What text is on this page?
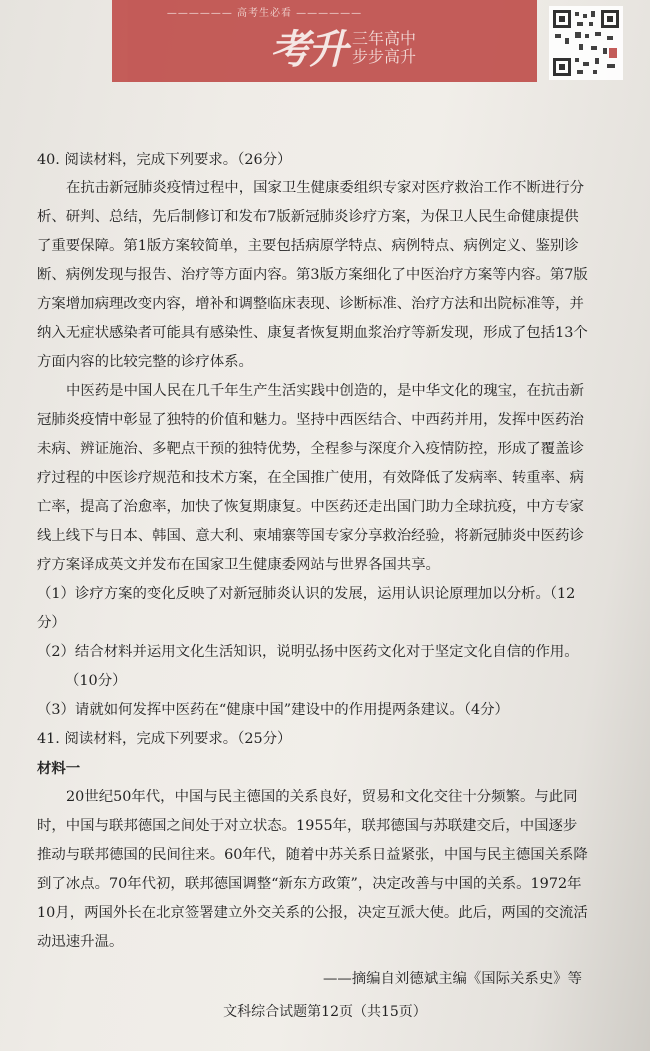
—————— 高考生必看 ——————
考升 三年高中
步步高升

40. 阅读材料，完成下列要求。（26分）

在抗击新冠肺炎疫情过程中，国家卫生健康委组织专家对医疗救治工作不断进行分析、研判、总结，先后制修订和发布7版新冠肺炎诊疗方案，为保卫人民生命健康提供了重要保障。第1版方案较简单，主要包括病原学特点、病例特点、病例定义、鉴别诊断、病例发现与报告、治疗等方面内容。第3版方案细化了中医治疗方案等内容。第7版方案增加病理改变内容，增补和调整临床表现、诊断标准、治疗方法和出院标准等，并纳入无症状感染者可能具有感染性、康复者恢复期血浆治疗等新发现，形成了包括13个方面内容的比较完整的诊疗体系。

中医药是中国人民在几千年生产生活实践中创造的，是中华文化的瑰宝，在抗击新冠肺炎疫情中彰显了独特的价值和魅力。坚持中西医结合、中西药并用，发挥中医药治未病、辨证施治、多靶点干预的独特优势，全程参与深度介入疫情防控，形成了覆盖诊疗过程的中医诊疗规范和技术方案，在全国推广使用，有效降低了发病率、转重率、病亡率，提高了治愈率，加快了恢复期康复。中医药还走出国门助力全球抗疫，中方专家线上线下与日本、韩国、意大利、柬埔寨等国专家分享救治经验，将新冠肺炎中医药诊疗方案译成英文并发布在国家卫生健康委网站与世界各国共享。

（1）诊疗方案的变化反映了对新冠肺炎认识的发展，运用认识论原理加以分析。（12分）

（2）结合材料并运用文化生活知识，说明弘扬中医药文化对于坚定文化自信的作用。

（10分）

（3）请就如何发挥中医药在“健康中国”建设中的作用提两条建议。（4分）

41. 阅读材料，完成下列要求。（25分）

材料一

20世纪50年代，中国与民主德国的关系良好，贸易和文化交往十分频繁。与此同时，中国与联邦德国之间处于对立状态。1955年，联邦德国与苏联建交后，中国逐步推动与联邦德国的民间往来。60年代，随着中苏关系日益紧张，中国与民主德国关系降到了冰点。70年代初，联邦德国调整“新东方政策”，决定改善与中国的关系。1972年10月，两国外长在北京签署建立外交关系的公报，决定互派大使。此后，两国的交流活动迅速升温。

——摘编自刘德斌主编《国际关系史》等

文科综合试题第12页（共15页）
